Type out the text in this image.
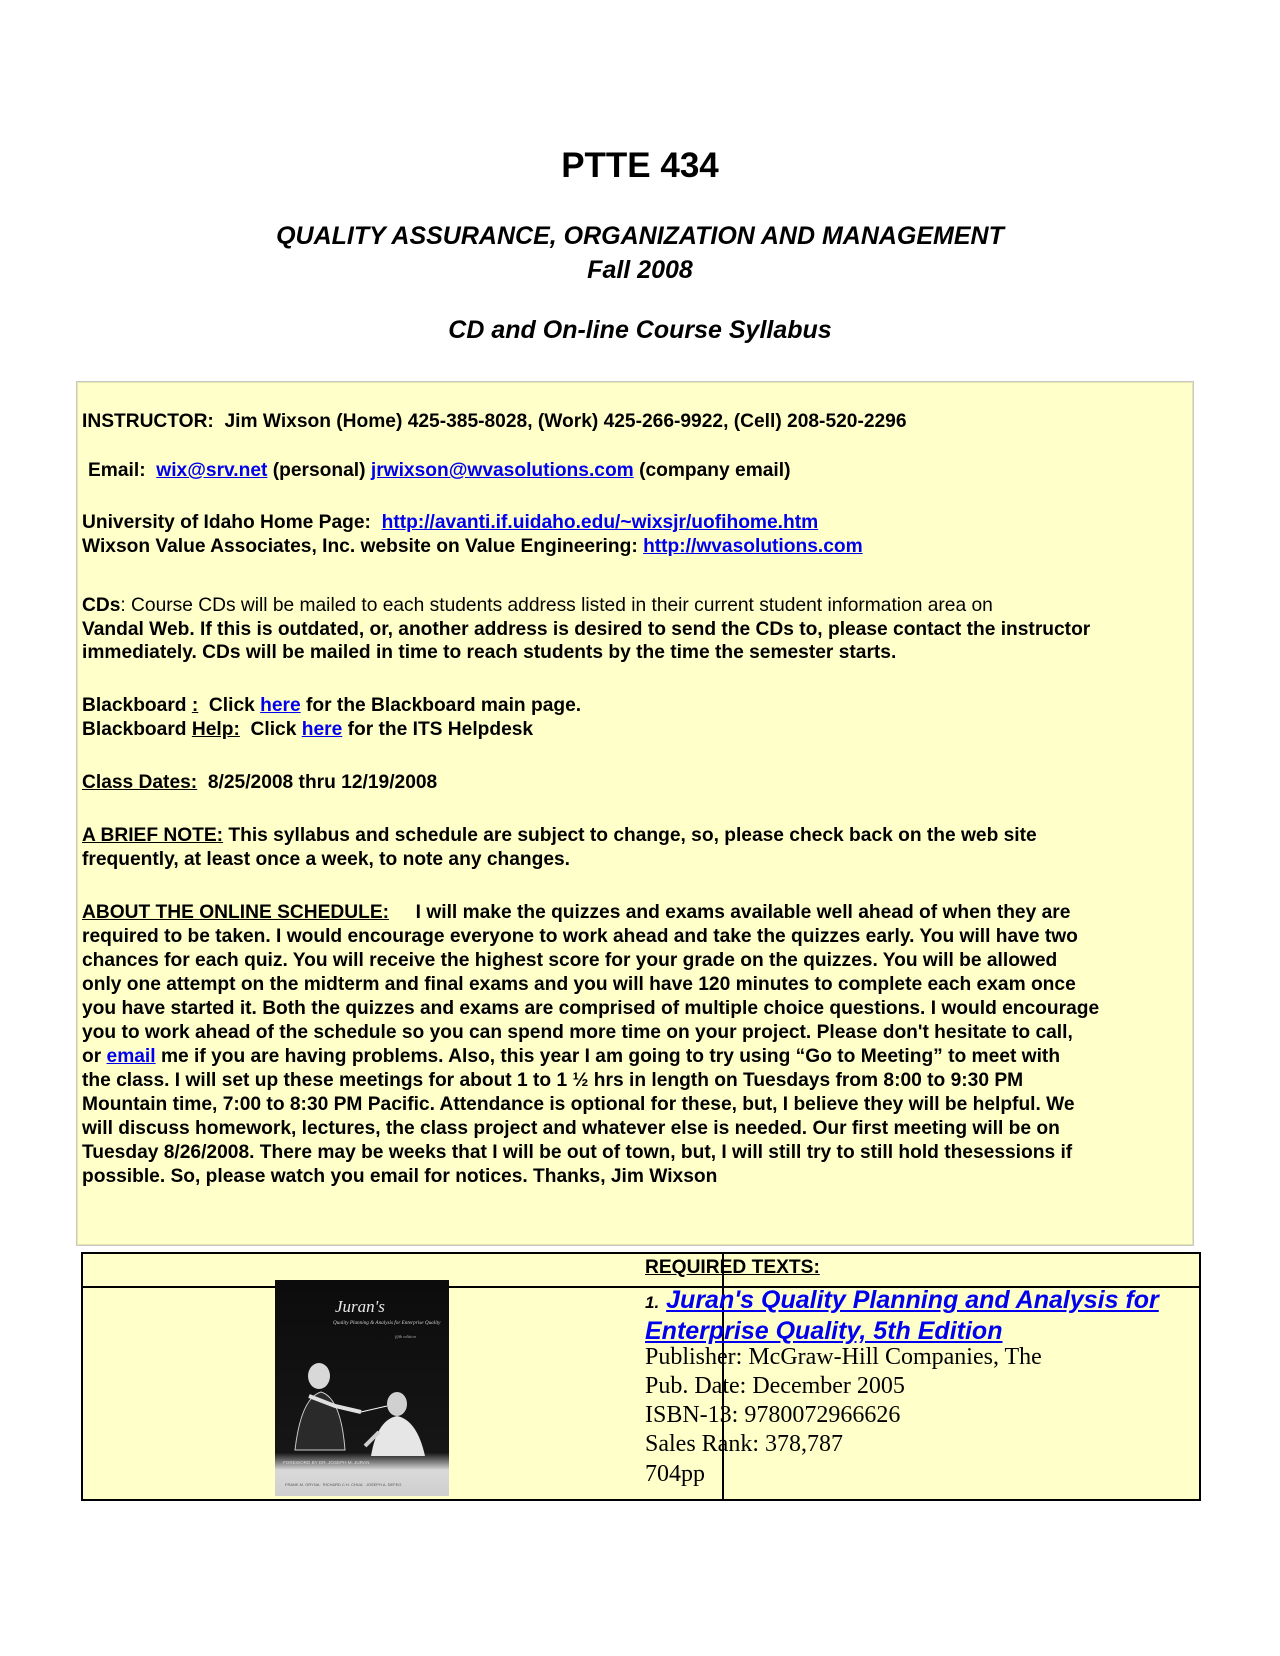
PTTE 434
QUALITY ASSURANCE, ORGANIZATION AND MANAGEMENT
Fall 2008
CD and On-line Course Syllabus
INSTRUCTOR: Jim Wixson (Home) 425-385-8028, (Work) 425-266-9922, (Cell) 208-520-2296
Email: wix@srv.net (personal) jrwixson@wvasolutions.com (company email)
University of Idaho Home Page: http://avanti.if.uidaho.edu/~wixsjr/uofihome.htm
Wixson Value Associates, Inc. website on Value Engineering: http://wvasolutions.com
CDs: Course CDs will be mailed to each students address listed in their current student information area on
Vandal Web. If this is outdated, or, another address is desired to send the CDs to, please contact the instructor
immediately. CDs will be mailed in time to reach students by the time the semester starts.
Blackboard : Click here for the Blackboard main page.
Blackboard Help: Click here for the ITS Helpdesk
Class Dates: 8/25/2008 thru 12/19/2008
A BRIEF NOTE: This syllabus and schedule are subject to change, so, please check back on the web site
frequently, at least once a week, to note any changes.
ABOUT THE ONLINE SCHEDULE: I will make the quizzes and exams available well ahead of when they are
required to be taken. I would encourage everyone to work ahead and take the quizzes early. You will have two
chances for each quiz. You will receive the highest score for your grade on the quizzes. You will be allowed
only one attempt on the midterm and final exams and you will have 120 minutes to complete each exam once
you have started it. Both the quizzes and exams are comprised of multiple choice questions. I would encourage
you to work ahead of the schedule so you can spend more time on your project. Please don't hesitate to call,
or email me if you are having problems. Also, this year I am going to try using “Go to Meeting” to meet with
the class. I will set up these meetings for about 1 to 1 ½ hrs in length on Tuesdays from 8:00 to 9:30 PM
Mountain time, 7:00 to 8:30 PM Pacific. Attendance is optional for these, but, I believe they will be helpful. We
will discuss homework, lectures, the class project and whatever else is needed. Our first meeting will be on
Tuesday 8/26/2008. There may be weeks that I will be out of town, but, I will still try to still hold thesessions if
possible. So, please watch you email for notices. Thanks, Jim Wixson
REQUIRED TEXTS:
1. Juran's Quality Planning and Analysis for Enterprise Quality, 5th Edition
Publisher: McGraw-Hill Companies, The
Pub. Date: December 2005
ISBN-13: 9780072966626
Sales Rank: 378,787
704pp
Juran's
Quality Planning & Analysis for Enterprise Quality
fifth edition
FOREWORD BY DR. JOSEPH M. JURAN
FRANK M. GRYNA · RICHARD C.H. CHUA · JOSEPH A. DEFEO
